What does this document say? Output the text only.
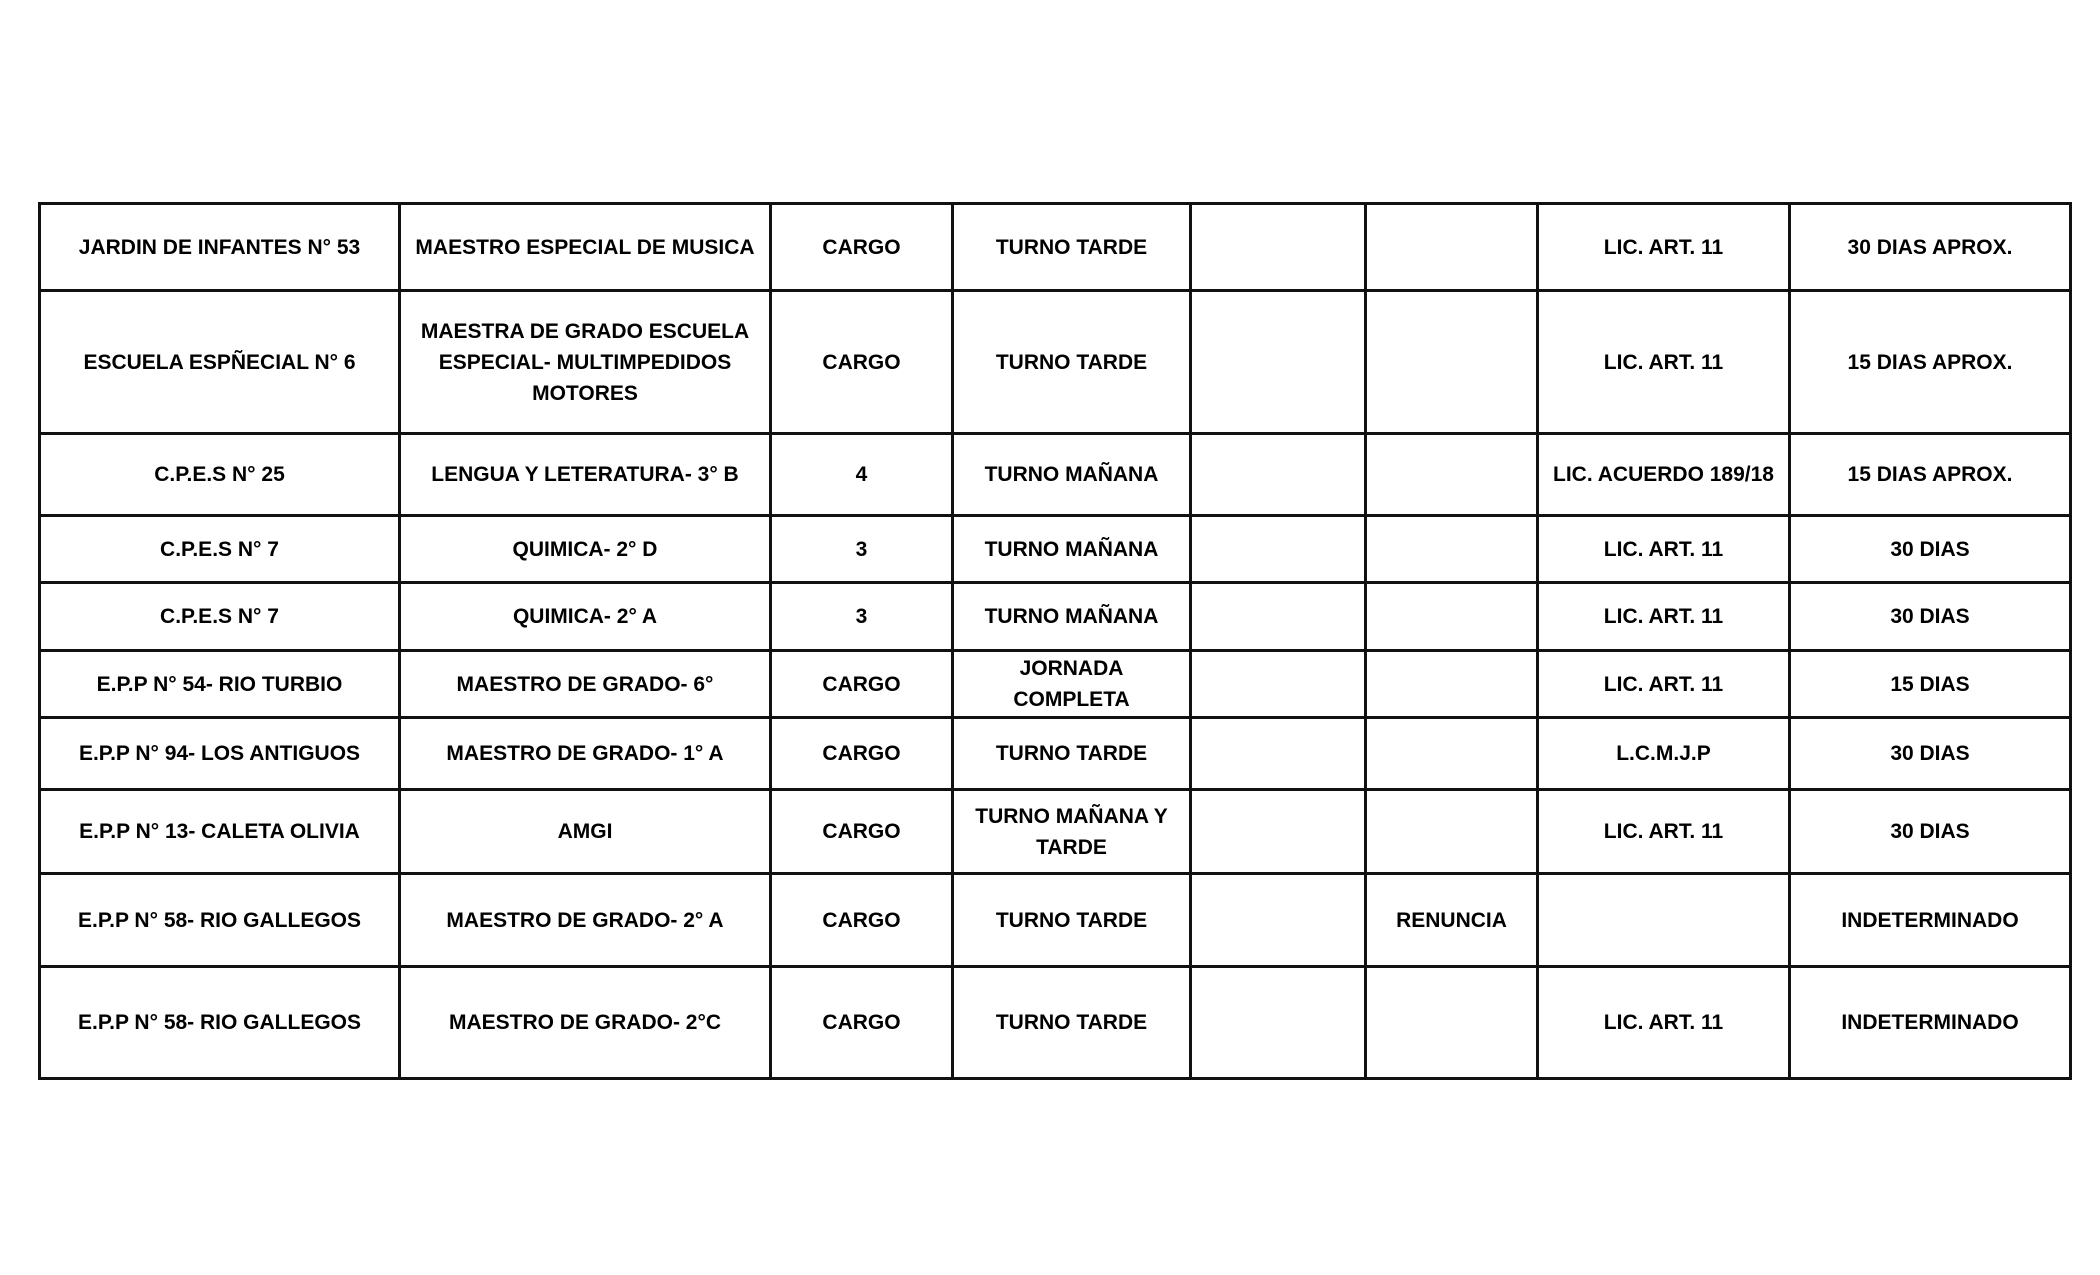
JARDIN DE INFANTES N° 53	MAESTRO ESPECIAL DE MUSICA	CARGO	TURNO TARDE			LIC. ART. 11	30 DIAS APROX.
ESCUELA ESPÑECIAL N° 6	MAESTRA DE GRADO ESCUELA ESPECIAL- MULTIMPEDIDOS MOTORES	CARGO	TURNO TARDE			LIC. ART. 11	15 DIAS APROX.
C.P.E.S N° 25	LENGUA Y LETERATURA- 3° B	4	TURNO MAÑANA			LIC. ACUERDO 189/18	15 DIAS APROX.
C.P.E.S N° 7	QUIMICA- 2° D	3	TURNO MAÑANA			LIC. ART. 11	30 DIAS
C.P.E.S N° 7	QUIMICA- 2° A	3	TURNO MAÑANA			LIC. ART. 11	30 DIAS
E.P.P N° 54- RIO TURBIO	MAESTRO DE GRADO- 6°	CARGO	JORNADA COMPLETA			LIC. ART. 11	15 DIAS
E.P.P N° 94- LOS ANTIGUOS	MAESTRO DE GRADO- 1° A	CARGO	TURNO TARDE			L.C.M.J.P	30 DIAS
E.P.P N° 13- CALETA OLIVIA	AMGI	CARGO	TURNO MAÑANA Y TARDE			LIC. ART. 11	30 DIAS
E.P.P N° 58- RIO GALLEGOS	MAESTRO DE GRADO- 2° A	CARGO	TURNO TARDE		RENUNCIA		INDETERMINADO
E.P.P N° 58- RIO GALLEGOS	MAESTRO DE GRADO- 2°C	CARGO	TURNO TARDE			LIC. ART. 11	INDETERMINADO
